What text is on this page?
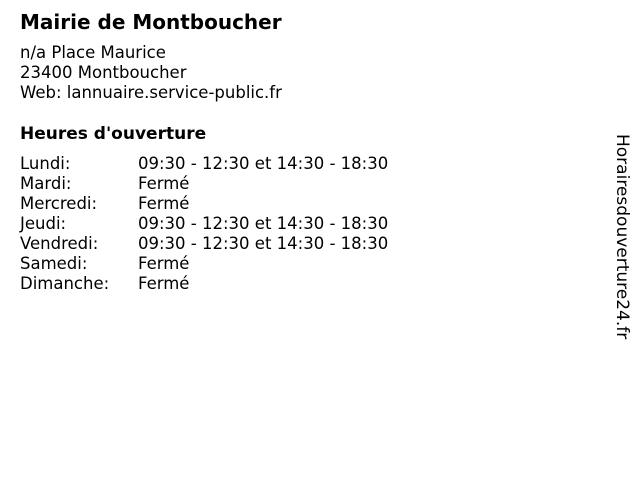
Mairie de Montboucher
n/a Place Maurice
23400 Montboucher
Web: lannuaire.service-public.fr
Heures d'ouverture
Lundi:	09:30 - 12:30 et 14:30 - 18:30
Mardi:	Fermé
Mercredi:	Fermé
Jeudi:	09:30 - 12:30 et 14:30 - 18:30
Vendredi:	09:30 - 12:30 et 14:30 - 18:30
Samedi:	Fermé
Dimanche:	Fermé	Horairesdouverture24.fr
